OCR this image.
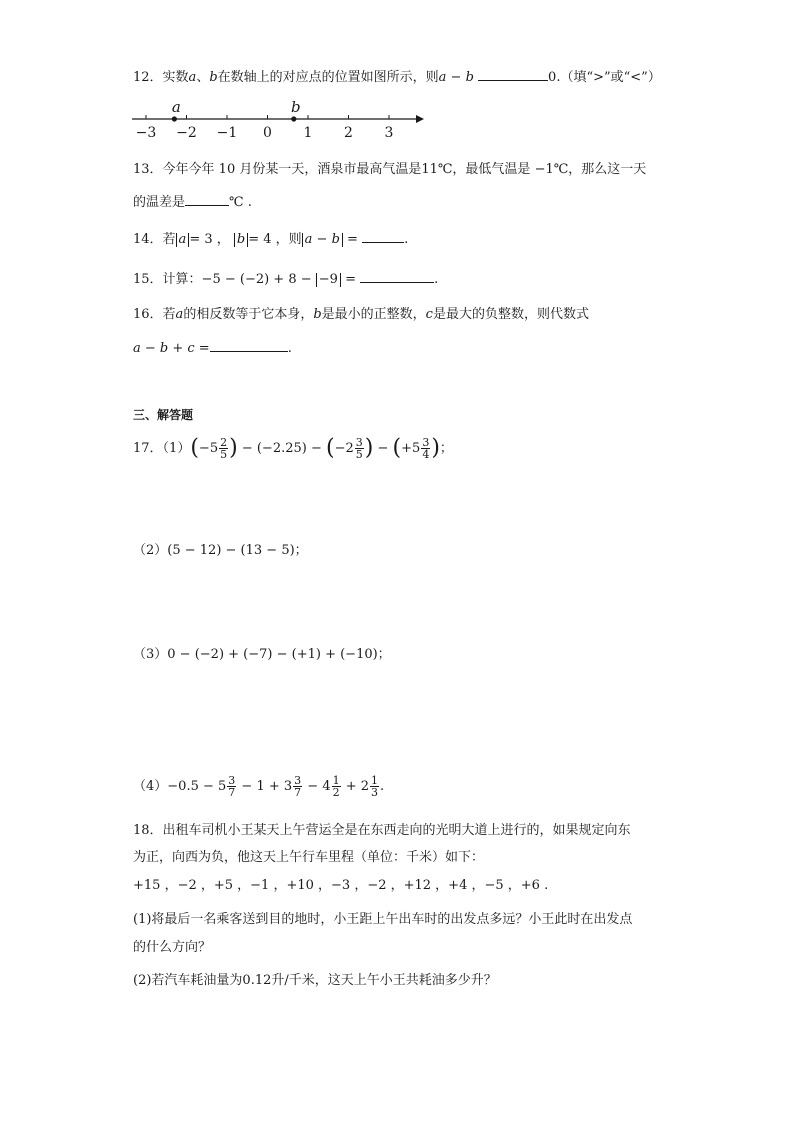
12．实数a、b在数轴上的对应点的位置如图所示，则a − b	0.（填“>”或“<”）
−3 −2 −1 0 1 2 3
a	b
13．今年今年 10 月份某一天，酒泉市最高气温是11℃，最低气温是 −1℃，那么这一天
的温差是	℃ .
14．若 a = 3 ， b = 4 ，则 a − b =	.
15．计算：−5 − (−2) + 8 − −9 =	.
16．若a的相反数等于它本身，b是最小的正整数，c是最大的负整数，则代数式
a − b + c =	.
三、解答题
17．$(1)(-5 \frac{2}{5}$ ) − $(-2.25) - (-2 \frac{3}{5}$ ) − ($+5 \frac{3}{4}$ )；
（2）(5 − 12) − (13 − 5)；
（3）0 − (−2) + (−7) − (+1) + (−10)；
$(4)-0.5 - 5 \frac{3}{7} - 1 + 3 \frac{3}{7} - 4 \frac{1}{2} + 2 \frac{1}{3}$ .
18．出租车司机小王某天上午营运全是在东西走向的光明大道上进行的，如果规定向东
为正，向西为负，他这天上午行车里程（单位：千米）如下：
+15 ，−2 ，+5 ，−1 ，+10 ，−3 ，−2 ，+12 ，+4 ，−5 ，+6 .
(1)将最后一名乘客送到目的地时，小王距上午出车时的出发点多远？小王此时在出发点
的什么方向？
(2)若汽车耗油量为0.12升/千米，这天上午小王共耗油多少升？
